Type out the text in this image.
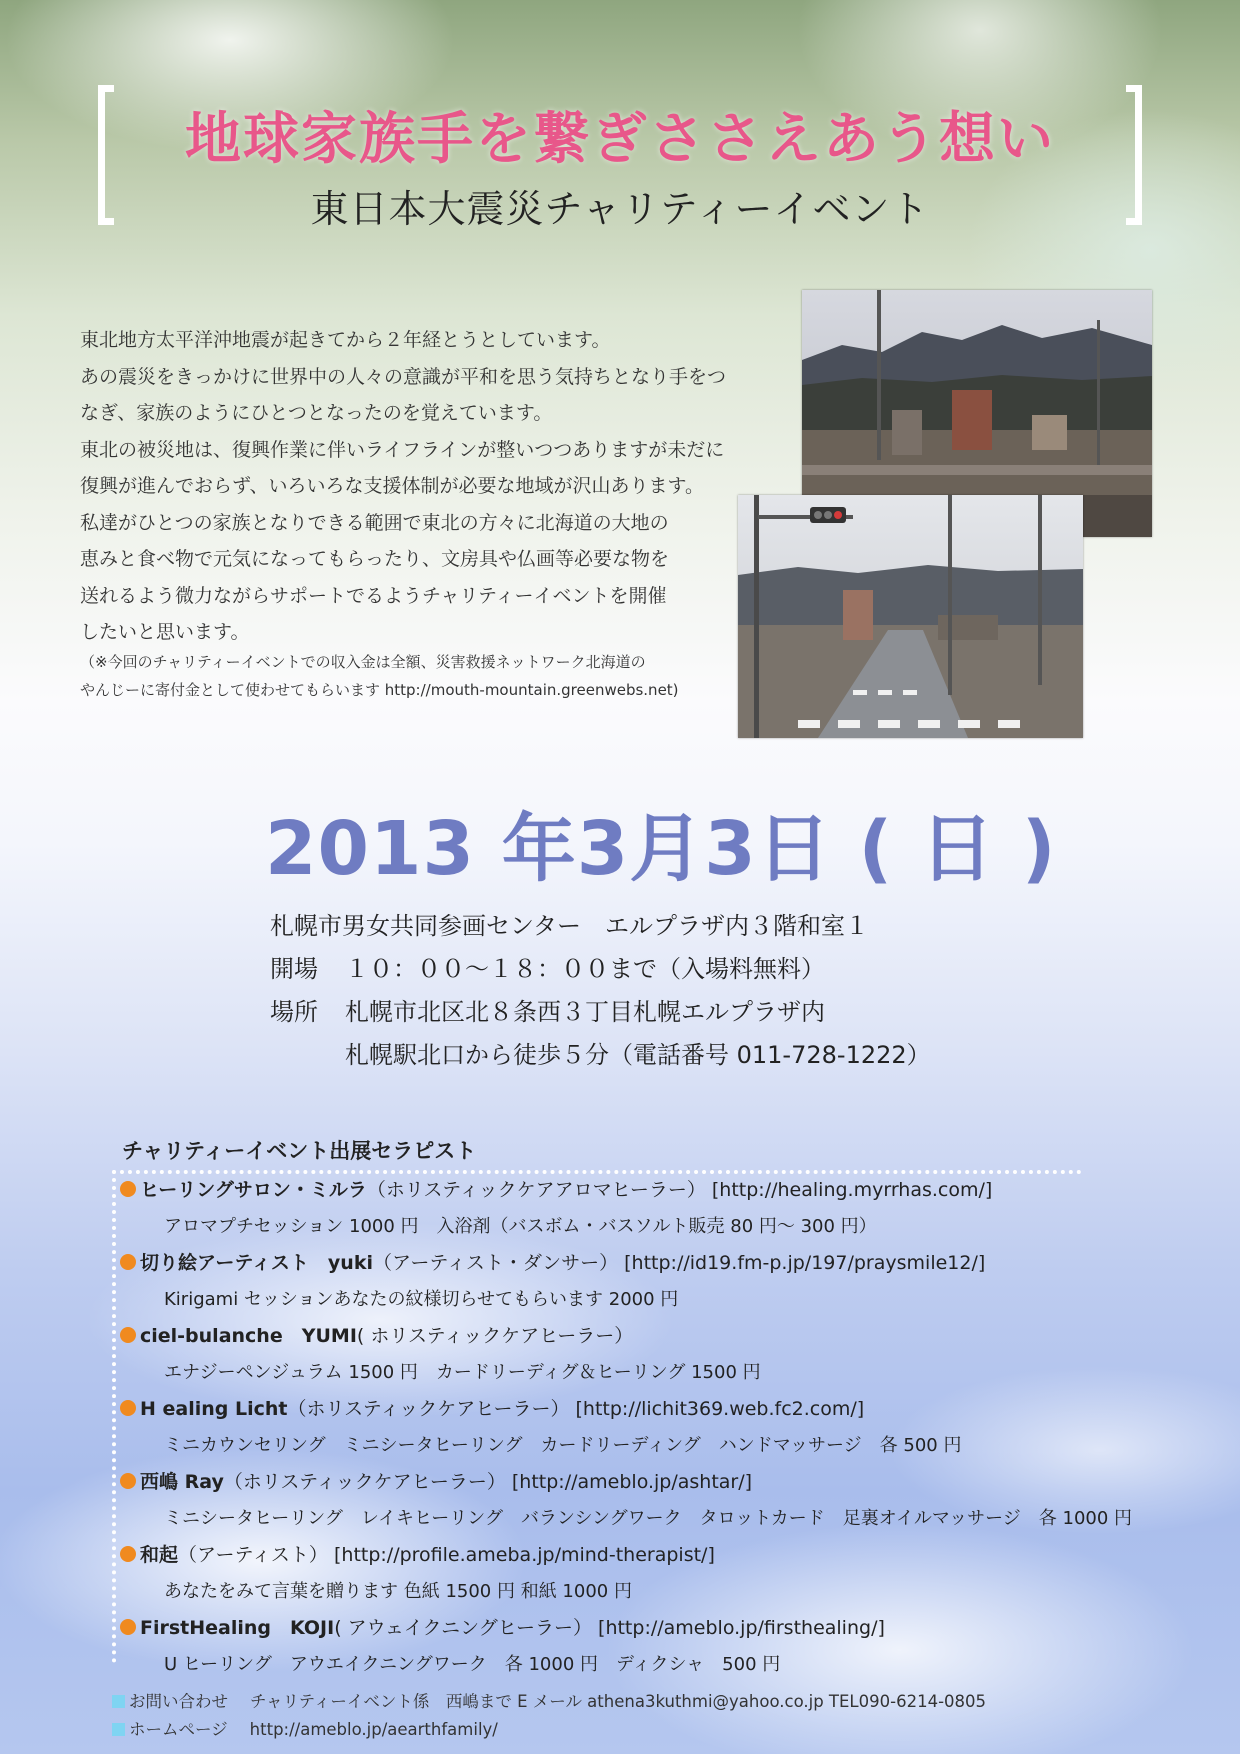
地球家族手を繋ぎささえあう想い
東日本大震災チャリティーイベント

東北地方太平洋沖地震が起きてから２年経とうとしています。

あの震災をきっかけに世界中の人々の意識が平和を思う気持ちとなり手をつ

なぎ、家族のようにひとつとなったのを覚えています。

東北の被災地は、復興作業に伴いライフラインが整いつつありますが未だに

復興が進んでおらず、いろいろな支援体制が必要な地域が沢山あります。

私達がひとつの家族となりできる範囲で東北の方々に北海道の大地の

恵みと食べ物で元気になってもらったり、文房具や仏画等必要な物を

送れるよう微力ながらサポートでるようチャリティーイベントを開催

したいと思います。

（※今回のチャリティーイベントでの収入金は全額、災害救援ネットワーク北海道の

やんじーに寄付金として使わせてもらいます http://mouth-mountain.greenwebs.net)

2013 年3月3日 ( 日 )
札幌市男女共同参画センター　エルプラザ内３階和室１
開場	１０：００～１８：００まで（入場料無料）
場所	札幌市北区北８条西３丁目札幌エルプラザ内
札幌駅北口から徒歩５分（電話番号 011-728-1222）
チャリティーイベント出展セラピスト
ヒーリングサロン・ミルラ（ホリスティックケアアロマヒーラー） [http://healing.myrrhas.com/]
アロマプチセッション 1000 円　入浴剤（バスボム・バスソルト販売 80 円～ 300 円）
切り絵アーティスト　yuki（アーティスト・ダンサー） [http://id19.fm-p.jp/197/praysmile12/]
Kirigami セッションあなたの紋様切らせてもらいます 2000 円
ciel-bulanche　YUMI( ホリスティックケアヒーラー）
エナジーペンジュラム 1500 円　カードリーディグ＆ヒーリング 1500 円
H ealing Licht（ホリスティックケアヒーラー） [http://lichit369.web.fc2.com/]
ミニカウンセリング　ミニシータヒーリング　カードリーディング　ハンドマッサージ　各 500 円
西嶋 Ray（ホリスティックケアヒーラー） [http://ameblo.jp/ashtar/]
ミニシータヒーリング　レイキヒーリング　バランシングワーク　タロットカード　足裏オイルマッサージ　各 1000 円
和起（アーティスト） [http://profile.ameba.jp/mind-therapist/]
あなたをみて言葉を贈ります 色紙 1500 円 和紙 1000 円
FirstHealing　KOJI( アウェイクニングヒーラー） [http://ameblo.jp/firsthealing/]
U ヒーリング　アウエイクニングワーク　各 1000 円　ディクシャ　500 円
お問い合わせ チャリティーイベント係　西嶋まで E メール athena3kuthmi@yahoo.co.jp TEL090-6214-0805
ホームページ http://ameblo.jp/aearthfamily/
